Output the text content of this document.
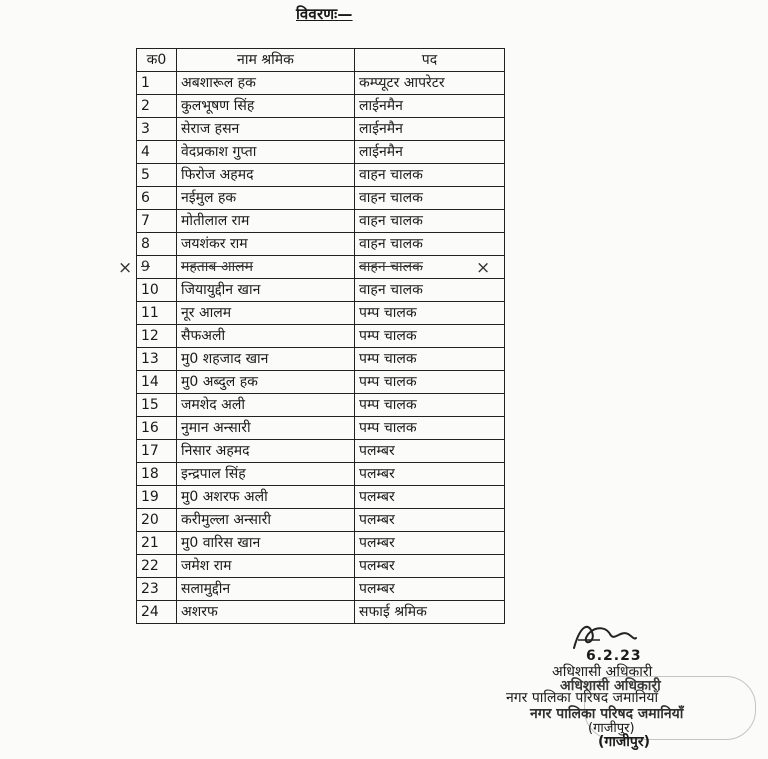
विवरणः—
क0	नाम श्रमिक	पद
1	अबशारूल हक	कम्प्यूटर आपरेटर
2	कुलभूषण सिंह	लाईनमैन
3	सेराज हसन	लाईनमैन
4	वेदप्रकाश गुप्ता	लाईनमैन
5	फिरोज अहमद	वाहन चालक
6	नईमुल हक	वाहन चालक
7	मोतीलाल राम	वाहन चालक
8	जयशंकर राम	वाहन चालक
9	महताब आलम	वाहन चालक
10	जियायुद्दीन खान	वाहन चालक
11	नूर आलम	पम्प चालक
12	सैफअली	पम्प चालक
13	मु0 शहजाद खान	पम्प चालक
14	मु0 अब्दुल हक	पम्प चालक
15	जमशेद अली	पम्प चालक
16	नुमान अन्सारी	पम्प चालक
17	निसार अहमद	पलम्बर
18	इन्द्रपाल सिंह	पलम्बर
19	मु0 अशरफ अली	पलम्बर
20	करीमुल्ला अन्सारी	पलम्बर
21	मु0 वारिस खान	पलम्बर
22	जमेश राम	पलम्बर
23	सलामुद्दीन	पलम्बर
24	अशरफ	सफाई श्रमिक
×	×
6.2.23
अधिशासी अधिकारी
अधिशासी अधिकारी
नगर पालिका परिषद जमानियाँ
नगर पालिका परिषद जमानियाँ
(गाजीपुर)
(गाजीपुर)
